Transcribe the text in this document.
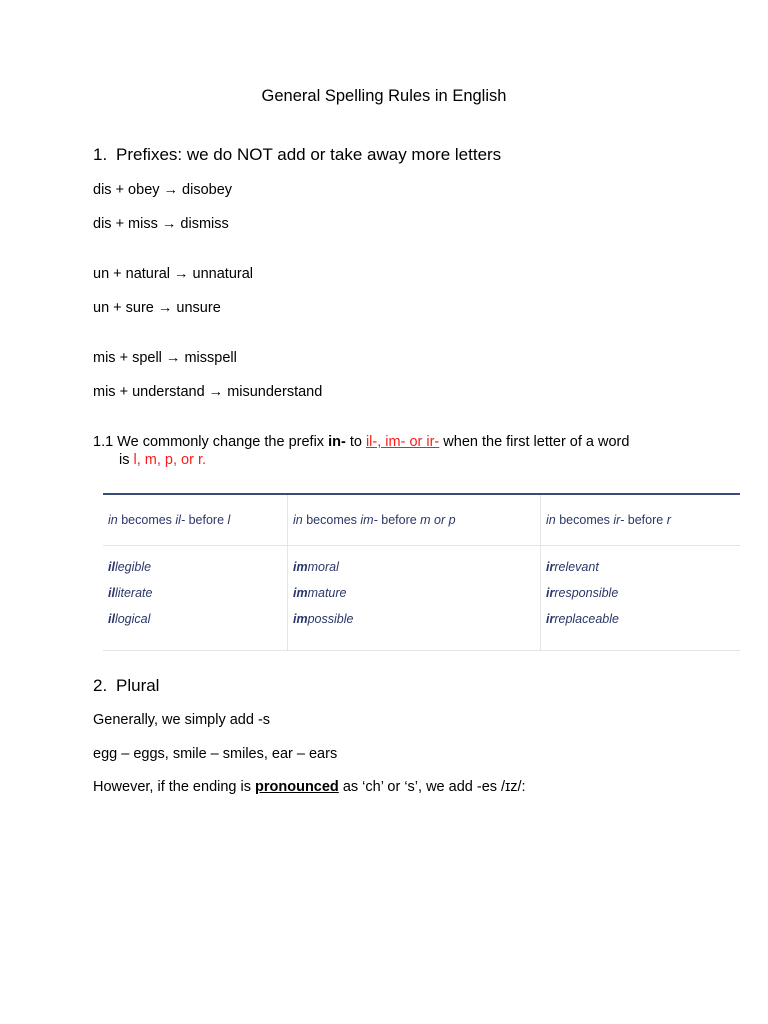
General Spelling Rules in English
1. Prefixes: we do NOT add or take away more letters
dis + obey → disobey
dis + miss → dismiss
un + natural → unnatural
un + sure → unsure
mis + spell → misspell
mis + understand → misunderstand
1.1 We commonly change the prefix in- to il-, im- or ir- when the first letter of a word
is l, m, p, or r.
in becomes il- before l
illegible
illiterate
illogical
in becomes im- before m or p
immoral
immature
impossible
in becomes ir- before r
irrelevant
irresponsible
irreplaceable
2. Plural
Generally, we simply add -s
egg – eggs, smile – smiles, ear – ears
However, if the ending is pronounced as ‘ch’ or ‘s’, we add -es /ɪz/:
